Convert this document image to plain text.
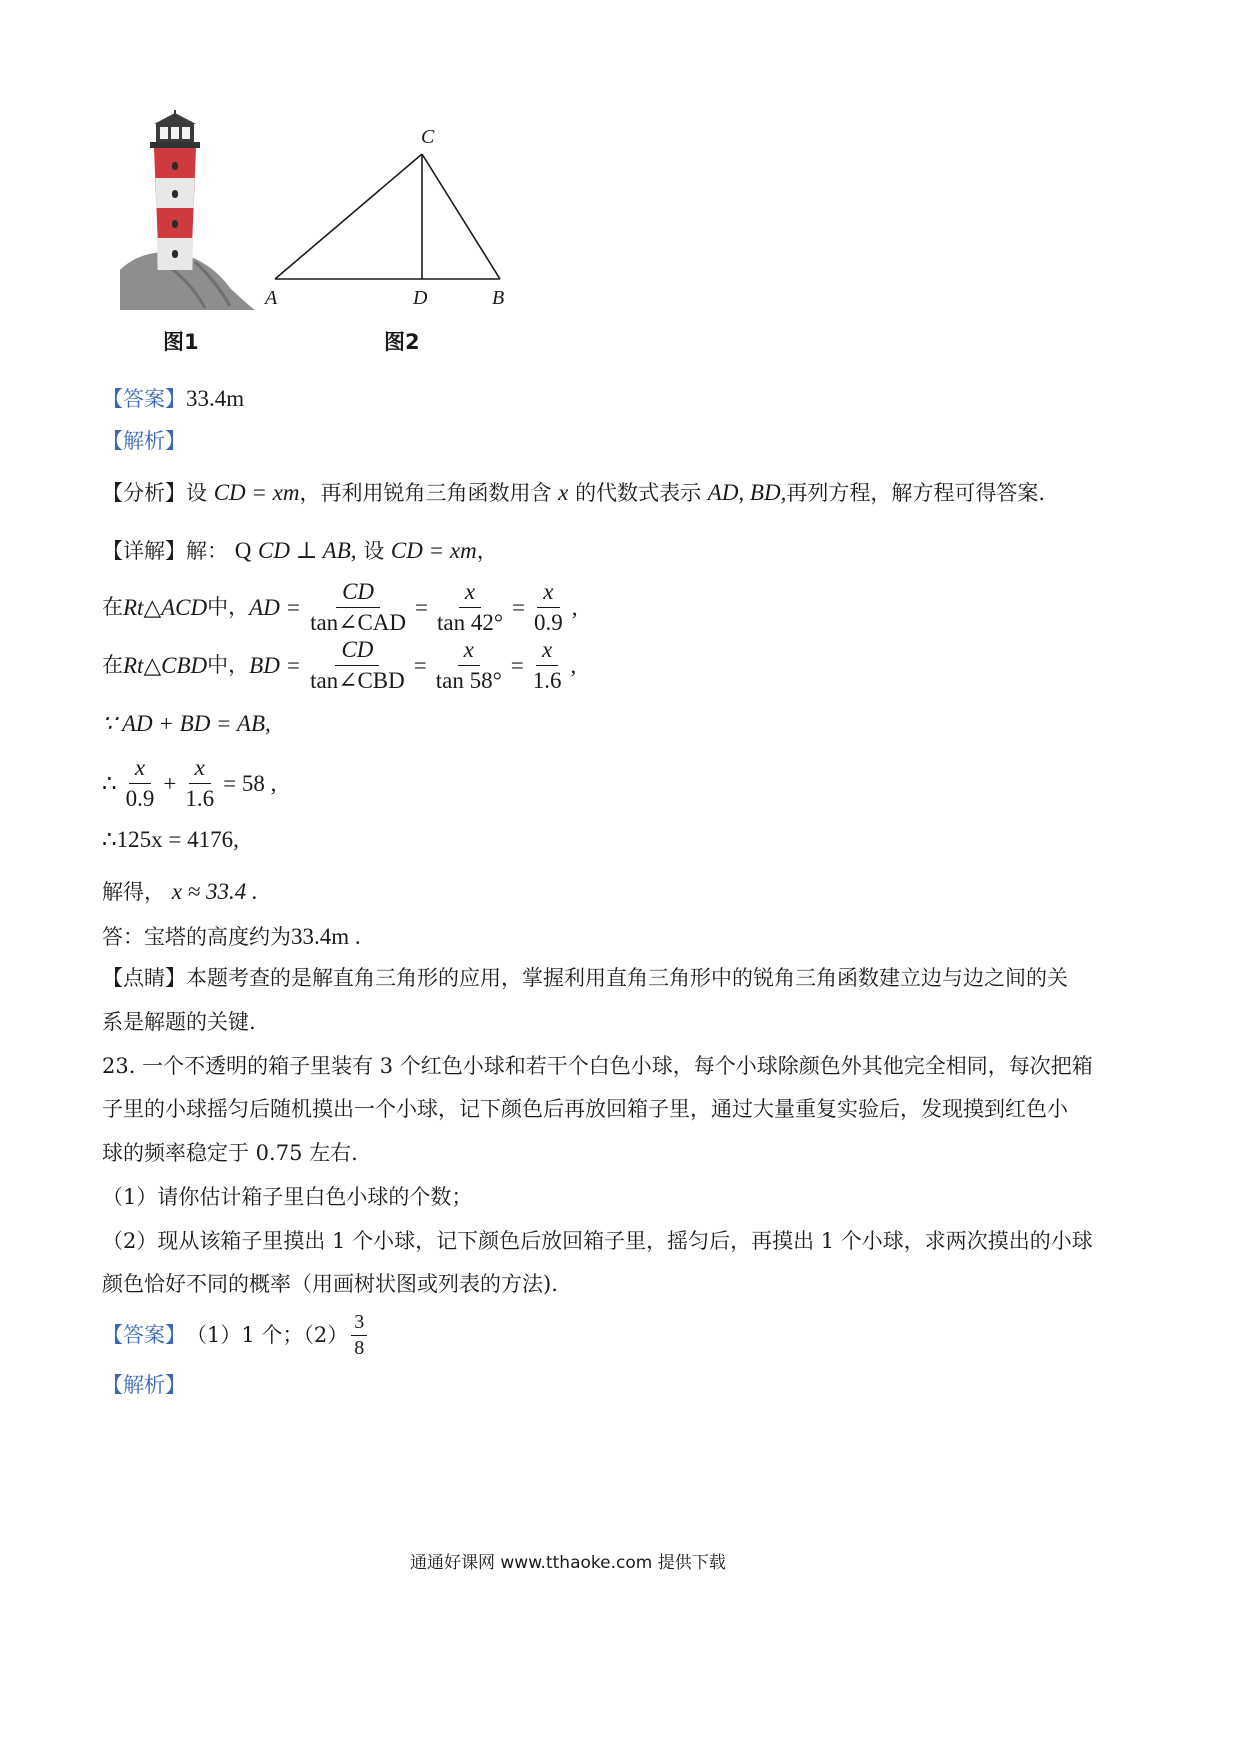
图1
C
A	D	B
图2
【答案】33.4m
【解析】
【分析】设 CD = xm，再利用锐角三角函数用含 x 的代数式表示 AD, BD,再列方程，解方程可得答案.
【详解】解： Q CD ⊥ AB, 设 CD = xm，
在 Rt△ACD 中， AD = $\frac{CD}{\text{tan∠CAD}} = \frac{x}{\tan 42^\circ} = \frac{x}{0.9}$ ,
在 Rt△CBD 中， BD = $\frac{CD}{\text{tan∠CBD}} = \frac{x}{\tan 58^\circ} = \frac{x}{1.6}$ ,
∵ AD + BD = AB,
∴ $\frac{x}{0.9} + \frac{x}{1.6} = 58$ ,
∴125x = 4176,
解得， x ≈ 33.4 .
答：宝塔的高度约为33.4m .
【点睛】本题考查的是解直角三角形的应用，掌握利用直角三角形中的锐角三角函数建立边与边之间的关
系是解题的关键.
23. 一个不透明的箱子里装有 3 个红色小球和若干个白色小球，每个小球除颜色外其他完全相同，每次把箱
子里的小球摇匀后随机摸出一个小球，记下颜色后再放回箱子里，通过大量重复实验后，发现摸到红色小
球的频率稳定于 0.75 左右.
（1）请你估计箱子里白色小球的个数；
（2）现从该箱子里摸出 1 个小球，记下颜色后放回箱子里，摇匀后，再摸出 1 个小球，求两次摸出的小球
颜色恰好不同的概率（用画树状图或列表的方法).
【答案】 （1）1 个；$(2) \frac{3}{8}$
【解析】
通通好课网 www.tthaoke.com 提供下载
